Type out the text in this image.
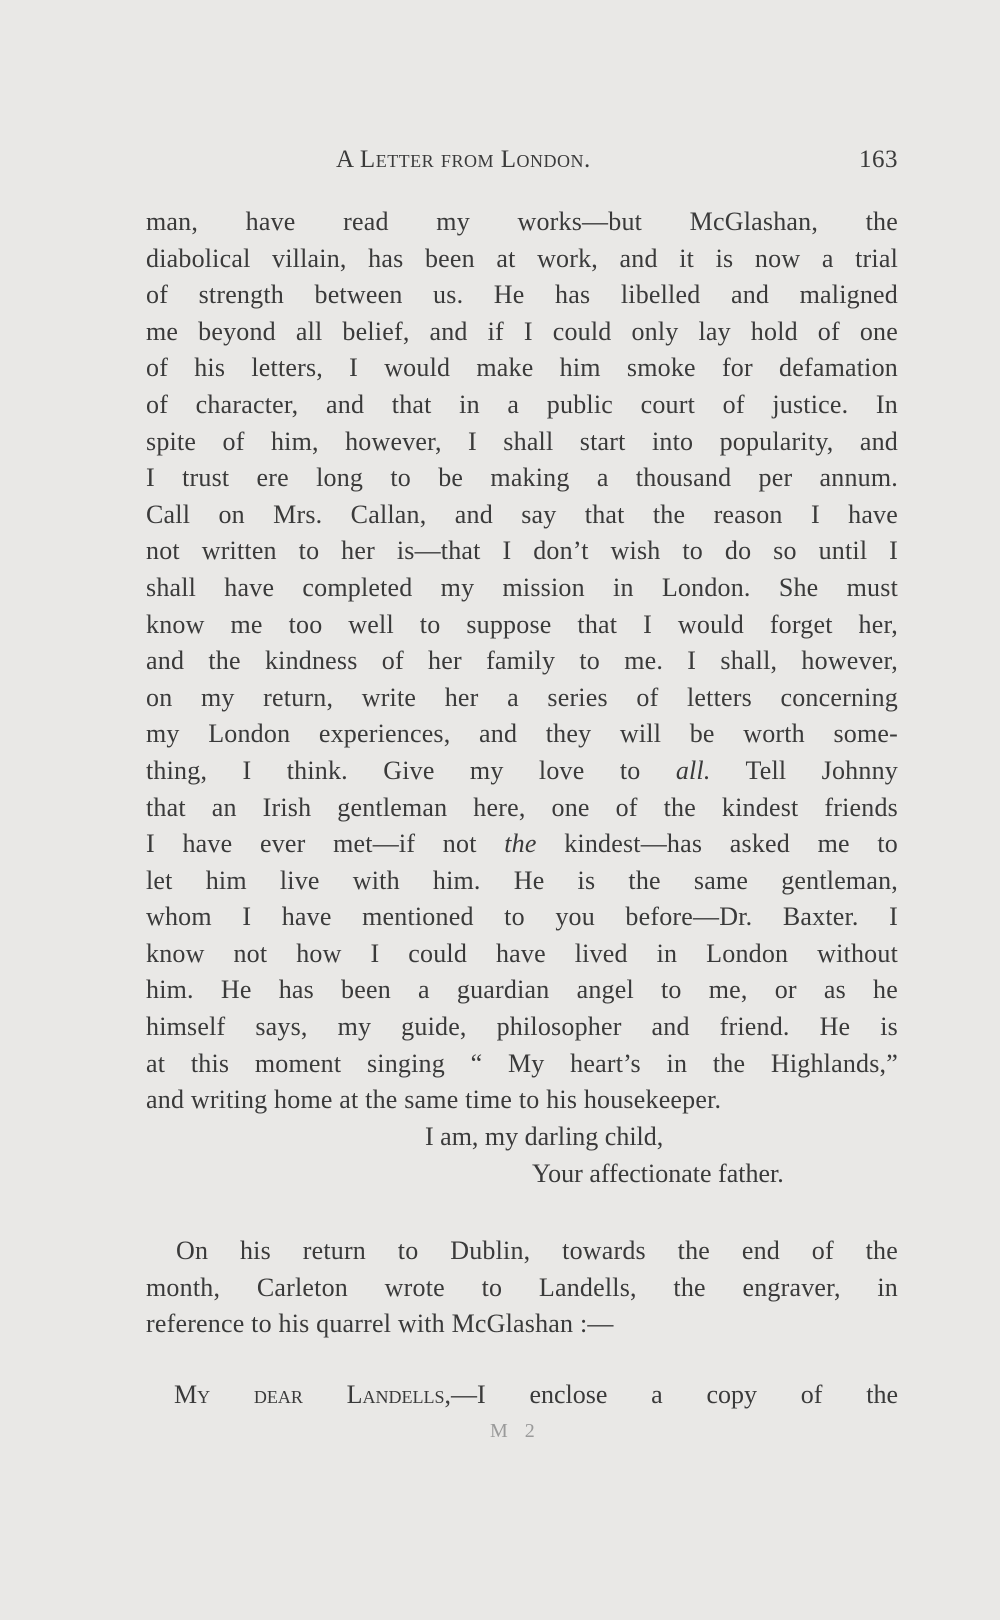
A Letter from London.	163
man, have read my works—but McGlashan, the
diabolical villain, has been at work, and it is now a trial
of strength between us. He has libelled and maligned
me beyond all belief, and if I could only lay hold of one
of his letters, I would make him smoke for defamation
of character, and that in a public court of justice. In
spite of him, however, I shall start into popularity, and
I trust ere long to be making a thousand per annum.
Call on Mrs. Callan, and say that the reason I have
not written to her is—that I don’t wish to do so until I
shall have completed my mission in London. She must
know me too well to suppose that I would forget her,
and the kindness of her family to me. I shall, however,
on my return, write her a series of letters concerning
my London experiences, and they will be worth some-
thing, I think. Give my love to all. Tell Johnny
that an Irish gentleman here, one of the kindest friends
I have ever met—if not the kindest—has asked me to
let him live with him. He is the same gentleman,
whom I have mentioned to you before—Dr. Baxter. I
know not how I could have lived in London without
him. He has been a guardian angel to me, or as he
himself says, my guide, philosopher and friend. He is
at this moment singing “ My heart’s in the Highlands,”
and writing home at the same time to his housekeeper.
I am, my darling child,
Your affectionate father.
On his return to Dublin, towards the end of the
month, Carleton wrote to Landells, the engraver, in
reference to his quarrel with McGlashan :—
My dear Landells,—I enclose a copy of the
M 2
